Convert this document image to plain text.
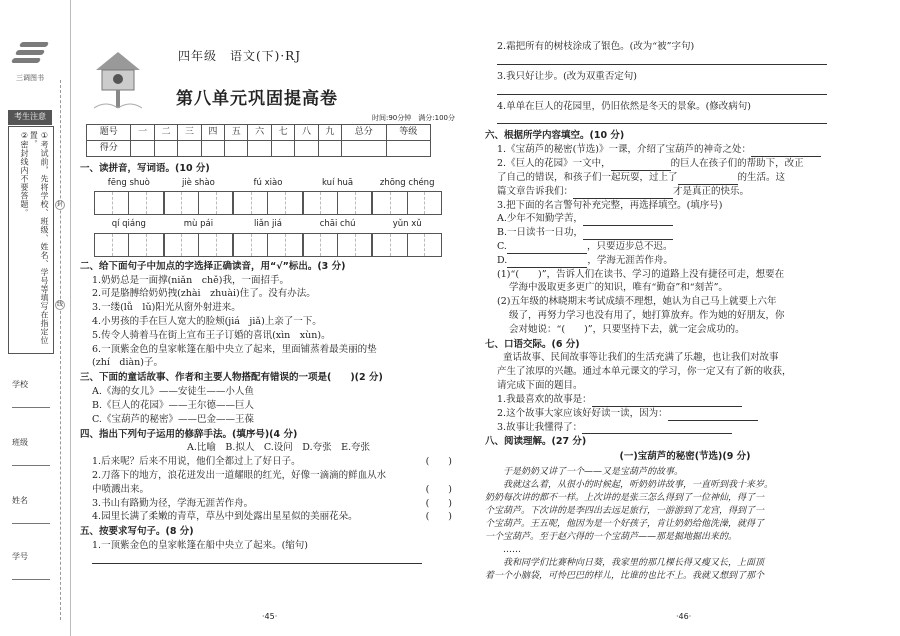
三调图书
考生注意
①考试前，先将学校、班级、姓名、学号等填写在指定位置。
②密封线内不要答题。	封
线
学校
班级
姓名
学号
四年级　语文(下)·RJ
第八单元巩固提高卷
时间:90分钟　满分:100分
题号	一	二	三	四	五	六	七	八	九	总分	等级
得分											
一、读拼音，写词语。(10 分)
fēng shuò	jiè shào	fú xiào	kuí huā	zhōng chéng
qí qiáng	mù pái	liǎn jiá	chāi chú	yǔn xǔ
二、给下面句子中加点的字选择正确读音，用“√”标出。(3 分)
1.奶奶总是一面撑(niǎn　chě)我，一面招手。
2.可是胳膊给奶奶拽(zhài　zhuài)住了。没有办法。
3.一缕(lǚ　lǔ)阳光从窗外射进来。
4.小男孩的手在巨人宽大的脸颊(jiá　jiǎ)上亲了一下。
5.传令人骑着马在街上宣布王子订婚的喜讯(xìn　xùn)。
6.一顶紫金色的皇家帐篷在船中央立了起来，里面铺蒸着最美丽的垫
(zhí　diàn)子。
三、下面的童话故事、作者和主要人物搭配有错误的一项是(　　)(2 分)
A.《海的女儿》——安徒生——小人鱼
B.《巨人的花园》——王尔德——巨人
C.《宝葫芦的秘密》——巴金——王葆
四、指出下列句子运用的修辞手法。(填序号)(4 分)
A.比喻　B.拟人　C.设问　D.夸张　E.夸张
1.后来呢？后来不用说，他们全都过上了好日子。	(　　)
2.刀落下的地方，浪花迸发出一道耀眼的红光，好像一滴滴的鲜血从水
中喷溅出来。	(　　)
3.书山有路勤为径，学海无涯苦作舟。	(　　)
4.园里长满了柔嫩的青草，草丛中到处露出星星似的美丽花朵。	(　　)
五、按要求写句子。(8 分)
1.一顶紫金色的皇家帐篷在船中央立了起来。(缩句)
·45·
2.霜把所有的树枝涂成了银色。(改为“被”字句)
3.我只好让步。(改为双重否定句)
4.单单在巨人的花园里，仍旧依然是冬天的景象。(修改病句)
六、根据所学内容填空。(10 分)
1.《宝葫芦的秘密(节选)》一课，介绍了宝葫芦的神奇之处：
2.《巨人的花园》一文中，	的巨人在孩子们的帮助下，改正
了自己的错误，和孩子们一起玩耍，过上了	的生活。这
篇文章告诉我们：	才是真正的快乐。
3.把下面的名言警句补充完整，再选择填空。(填序号)
A.少年不知勤学苦，
B.一日读书一日功，
C.	，只要迈步总不迟。
D.	，学海无涯苦作舟。
(1)“(　　)”，告诉人们在读书、学习的道路上没有捷径可走，想要在
学海中汲取更多更广的知识，唯有“勤奋”和“刻苦”。
(2)五年级的林晓期末考试成绩不理想，她认为自己马上就要上六年
级了，再努力学习也没有用了，她打算放弃。作为她的好朋友，你
会对她说：“(　　)”，只要坚持下去，就一定会成功的。
七、口语交际。(6 分)
童话故事、民间故事等让我们的生活充满了乐趣，也让我们对故事
产生了浓厚的兴趣。通过本单元课文的学习，你一定又有了新的收获，
请完成下面的题目。
1.我最喜欢的故事是：
2.这个故事大家应该好好读一读，因为：
3.故事让我懂得了：
八、阅读理解。(27 分)
(一)宝葫芦的秘密(节选)(9 分)
于是奶奶又讲了一个——又是宝葫芦的故事。
我就这么着，从很小的时候起，听奶奶讲故事，一直听到我十来岁。
奶奶每次讲的都不一样。上次讲的是张三怎么得到了一位神仙，得了一
个宝葫芦。下次讲的是李四出去远足旅行，一游游到了龙宫，得到了一
个宝葫芦。王五呢，他因为是一个好孩子，肯让奶奶给他洗澡，就得了
一个宝葫芦。至于赵六得的一个宝葫芦——那是掘地掘出来的。
……
我和同学们比赛种向日葵，我家里的那几棵长得又瘦又长，上面顶
着一个小脑袋，可怜巴巴的样儿，比谁的也比不上。我就又想到了那个
·46·
